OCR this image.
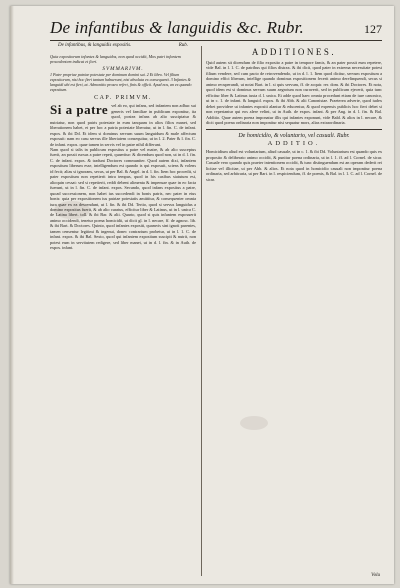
De infantibus & languidis &c. Rubr.	127
De infantibus, & languidis expositis.	Rub.

Quia expositorum infantes & languidos, non quod occidit, Mos patri infantem procedentem indicat et fieri.

SVMMARIVM.
1 Pater propriae patriae potestate per dominum domini sui. 2 Et libro. Vel filium expositorum, nisi hoc fieri tantum habuerunt, nisi absoluta ex consequenti. 3 Infantes & languidi ubi est fieri, at. Admonitio proseo refert, finis & officii. Apud nos, an ex quando expositum.
CAP. PRIMVM.
Si a patre vel ab eo, qui infans, sed infantem non adhuc sui generis vel familiae in publicum exponitur, ita quod, postea infans ab alio suscipiatur & nutriatur, non quod patris potestate in eum tanquam in alios filios manet, sed liberationem habet, et per hoc a patria potestate liberatur, ut in l. fin. C. de infant. expos. & ibi Dd. Et idem si dominus servum suum languidum & male affectum exposuit: nam eo casu servus ille libertatem consequitur, ut in l. 2. Pater & l. fin. C. de infant. expos. quae tamen in servis vel in patre nihil differunt.
Nam quod si talis in publicum expositus a patre vel matre, & ab alio susceptus fuerit, an possit rursus a patre repeti, quaeritur: & dicendum quod non, ut in d. l. fin. C. de infant. expos. & tradunt Doctores communiter. Quod autem dixi, infantem expositum liberum esse, intelligendum est quando is qui exposuit, sciens & volens id fecit; alias si ignorans, secus, ut per Bal. & Angel. in d. l. fin. Item hoc procedit, si pater expositum non repetierit intra tempus, quod in his casibus statutum est, alioquin cessat: sed si repetierit, reddi debent alimenta & impensae quae in eo facta fuerunt, ut in l. fin. C. de infant. expos. Secundo, quod infans expositus a patre, quoad successionem, non habet ius succedendi in bonis patris, nec pater in eius bonis: quia per expositionem ius patriae potestatis amittitur, & consequenter omnia iura quae ex ea descendunt, ut l. fin. & ibi Dd. Tertio, quod si servus languidus a domino expositus fuerit, & ab alio curatus, efficitur liber & Latinus, ut in l. unica C. de Latina libert. toll. & ibi Bar. & alii. Quarto, quod si quis infantem exposuerit animo occidendi, tenetur poena homicidii, ut dicit gl. in l. necare, ff. de agnosc. lib. & ibi Bart. & Doctores. Quinto, quod infantes expositi, quamvis sint ignoti parentes, tamen censentur legitimi & ingenui, donec contrarium probetur, ut in l. 1. C. de infant. expos. & ibi Bal. Sexto, quod qui infantem expositum suscipit & nutrit, non potest eum in servitutem redigere, sed liber manet, ut in d. l. fin. & in Auth. de expos. infant.
ADDITIONES.
Quid autem sit dicendum de filio exposito a patre in tempore famis, & an pater possit eum repetere, vide Bal. in l. 1. C. de patribus qui filios distrax. & ibi dicit, quod pater in extrema necessitate potest filium vendere, sed cum pacto de retrovendendo, ut in d. l. 1. Item quod dicitur, servum expositum a domino effici liberum, intellige quando dominus expositionem fecerit animo derelinquendi, secus si animo recuperandi, ut notat Bart. in l. si quis servum, ff. de acquir. rer. dom. & ibi Doctores. Et nota, quod idem est si dominus servum suum aegrotum non curaverit, sed in publicum ejecerit, quia tunc efficitur liber & Latinus iuxta d. l. unica. Et adde quod haec omnia procedunt etiam de iure canonico, ut in c. 1. de infant. & languid. expos. & ibi Abb. & alii Canonistae. Praeterea adverte, quod iudex debet providere ut infantes expositi alantur & educentur, & quod expensis publicis hoc fieri debet si non reperiantur qui eos alere velint, ut in Auth. de expos. infant. & per Ang. in d. l. fin. & Bal. Additio. Quae autem poena imponatur illis qui infantes exponunt, vide Bald. & alios in l. necare, & dicit quod poena ordinaria non imponitur nisi sequatur mors, alias extraordinaria.
De homicidio, & voluntario, vel casuali. Rubr.
ADDITIO.
Homicidium aliud est voluntarium, aliud casuale, ut in c. 1. & ibi Dd. Voluntarium est quando quis ex proposito & deliberato animo occidit, & punitur poena ordinaria, ut in l. 1. ff. ad l. Cornel. de sicar. Casuale vero quando quis praeter intentionem occidit, & tunc distinguendum est an operam dederit rei licitae vel illicitae, ut per Abb. & alios. Et nota quod in homicidio casuali non imponitur poena ordinaria, sed arbitraria, ut per Bart. in l. respiciendum, ff. de poenis, & Bal. in l. 1. C. ad l. Cornel. de sicar.
Volu
